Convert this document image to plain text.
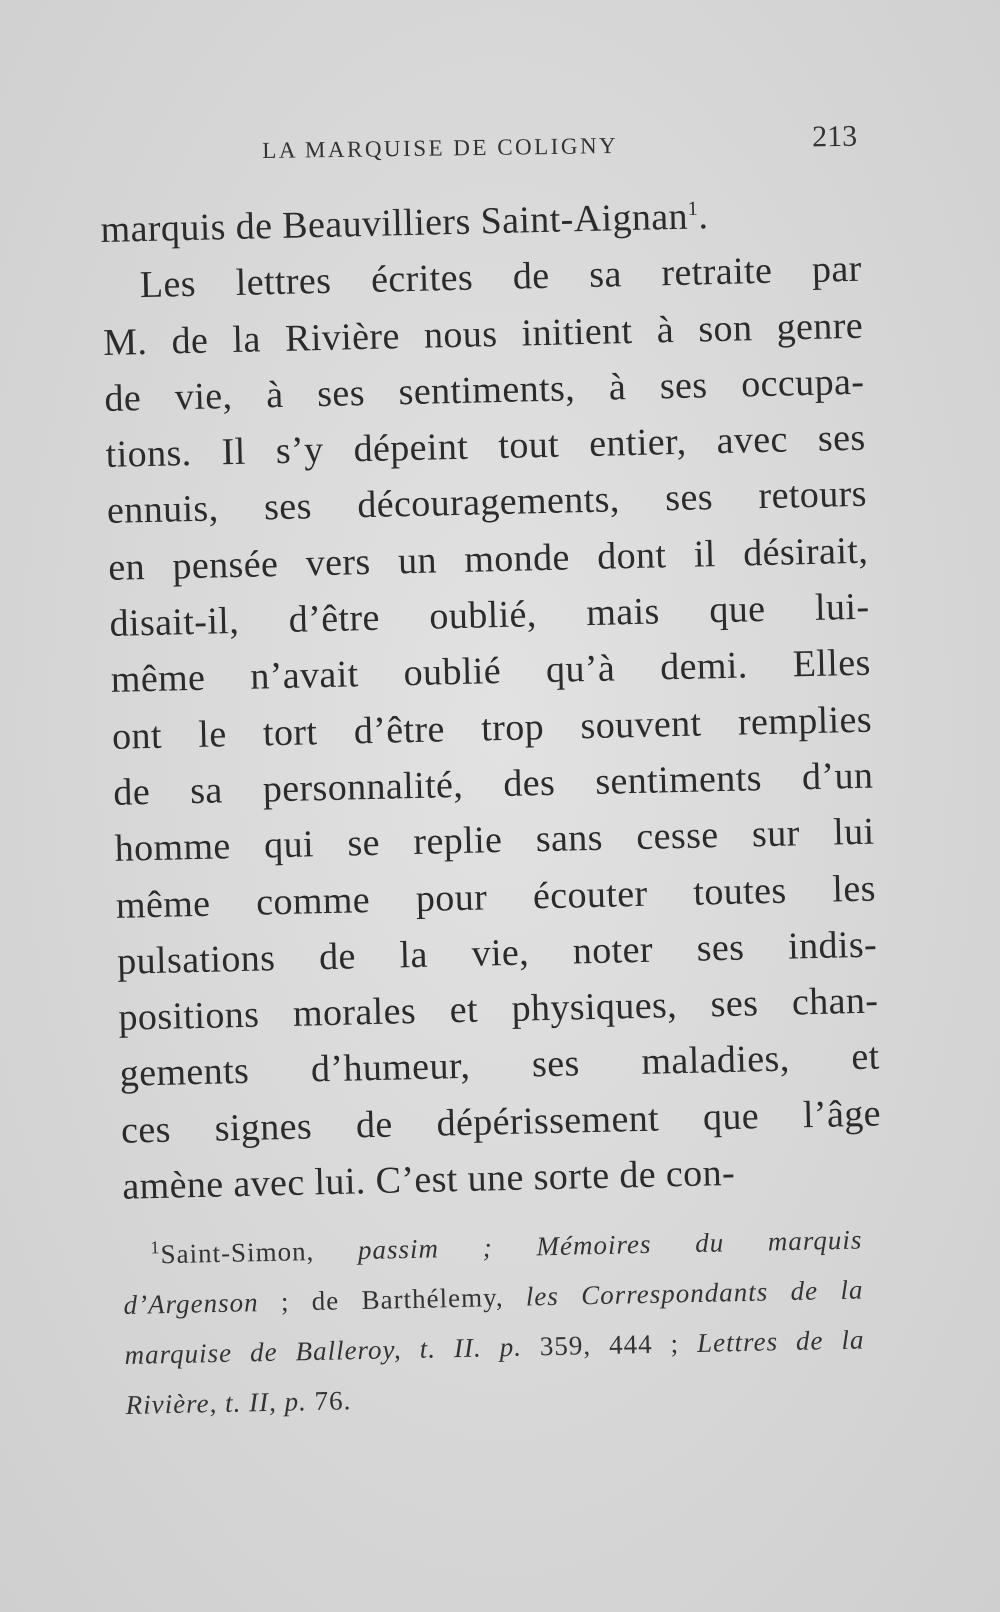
LA MARQUISE DE COLIGNY	213
marquis de Beauvilliers Saint-Aignan$^1$.
Les lettres écrites de sa retraite par
M. de la Rivière nous initient à son genre
de vie, à ses sentiments, à ses occupa-
tions. Il s’y dépeint tout entier, avec ses
ennuis, ses découragements, ses retours
en pensée vers un monde dont il désirait,
disait-il, d’être oublié, mais que lui-
même n’avait oublié qu’à demi. Elles
ont le tort d’être trop souvent remplies
de sa personnalité, des sentiments d’un
homme qui se replie sans cesse sur lui
même comme pour écouter toutes les
pulsations de la vie, noter ses indis-
positions morales et physiques, ses chan-
gements d’humeur, ses maladies, et
ces signes de dépérissement que l’âge
amène avec lui. C’est une sorte de con-
$^1$Saint-Simon, passim ; Mémoires du marquis
d’Argenson ; de Barthélemy, les Correspondants de la
marquise de Balleroy, t. II. p. 359, 444 ; Lettres de la
Rivière, t. II, p. 76.
